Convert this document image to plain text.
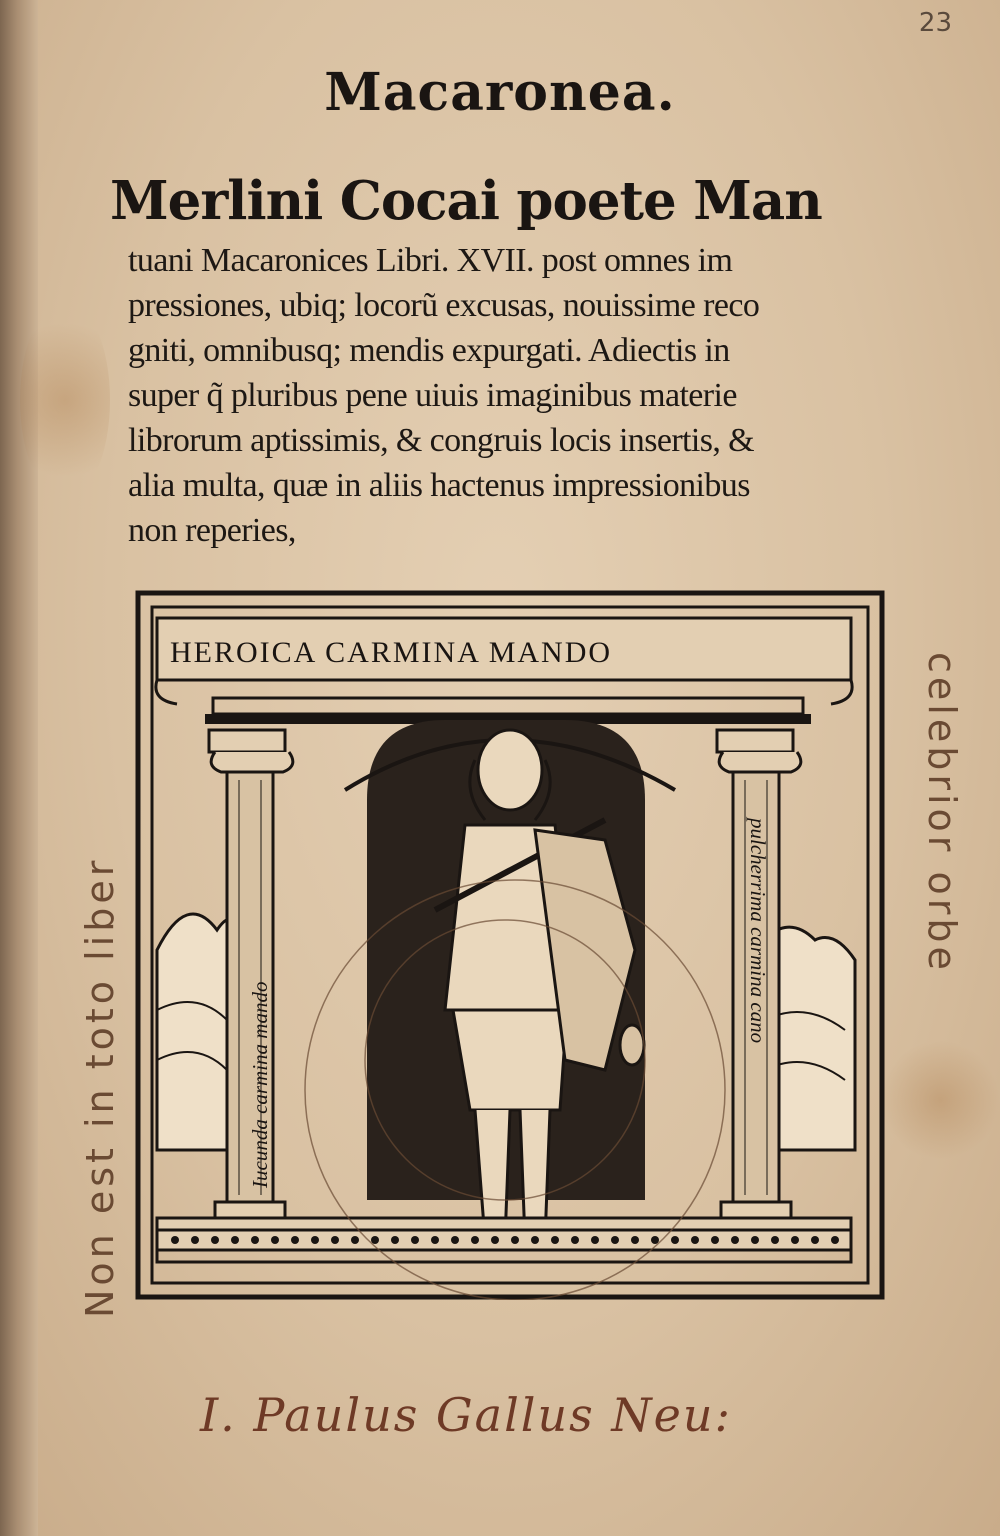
23
Macaronea.
Merlini Cocai poete Man
tuani Macaronices Libri. XVII. post omnes im
pressiones, ubiq; locorũ excusas, nouissime reco
gniti, omnibusq; mendis expurgati. Adiectis in
super q̃ pluribus pene uiuis imaginibus materie
librorum aptissimis, & congruis locis insertis, &
alia multa, quæ in aliis hactenus impressionibus
non reperies,
HEROICA CARMINA MANDO
Iucunda carmina mando
pulcherrima carmina cano
Non est in toto liber
celebrior orbe
I. Paulus Gallus Neu:
